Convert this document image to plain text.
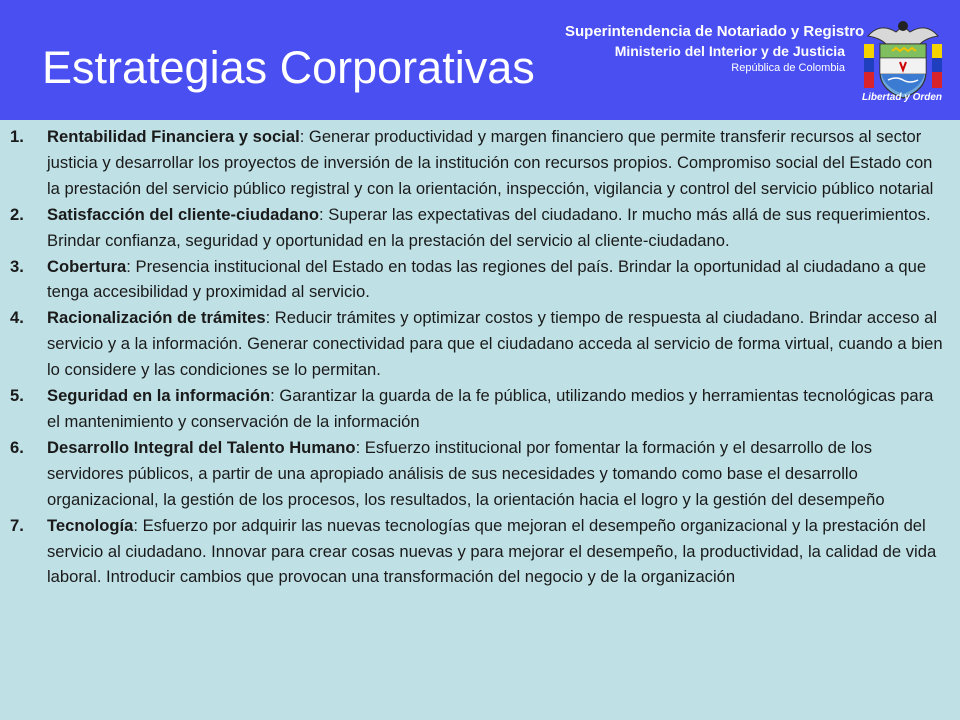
Estrategias Corporativas
Superintendencia de Notariado y Registro
Ministerio del Interior y de Justicia
República de Colombia
Libertad y Orden
1. Rentabilidad Financiera y social: Generar productividad y margen financiero que permite transferir recursos al sector justicia y desarrollar los proyectos de inversión de la institución con recursos propios. Compromiso social del Estado con la prestación del servicio público registral y con la orientación, inspección, vigilancia y control del servicio público notarial
2. Satisfacción del cliente-ciudadano: Superar las expectativas del ciudadano. Ir mucho más allá de sus requerimientos. Brindar confianza, seguridad y oportunidad en la prestación del servicio al cliente-ciudadano.
3. Cobertura: Presencia institucional del Estado en todas las regiones del país. Brindar la oportunidad al ciudadano a que tenga accesibilidad y proximidad al servicio.
4. Racionalización de trámites: Reducir trámites y optimizar costos y tiempo de respuesta al ciudadano. Brindar acceso al servicio y a la información. Generar conectividad para que el ciudadano acceda al servicio de forma virtual, cuando a bien lo considere y las condiciones se lo permitan.
5. Seguridad en la información: Garantizar la guarda de la fe pública, utilizando medios y herramientas tecnológicas para el mantenimiento y conservación de la información
6. Desarrollo Integral del Talento Humano: Esfuerzo institucional por fomentar la formación y el desarrollo de los servidores públicos, a partir de una apropiado análisis de sus necesidades y tomando como base el desarrollo organizacional, la gestión de los procesos, los resultados, la orientación hacia el logro y la gestión del desempeño
7. Tecnología: Esfuerzo por adquirir las nuevas tecnologías que mejoran el desempeño organizacional y la prestación del servicio al ciudadano. Innovar para crear cosas nuevas y para mejorar el desempeño, la productividad, la calidad de vida laboral. Introducir cambios que provocan una transformación del negocio y de la organización
